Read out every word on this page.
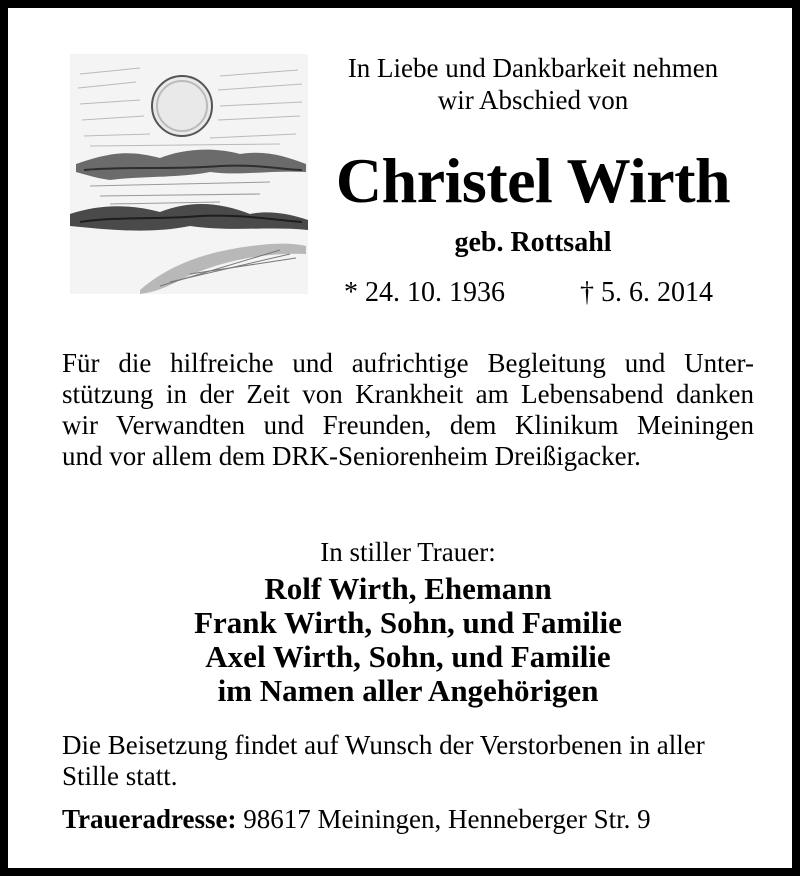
In Liebe und Dankbarkeit nehmen
wir Abschied von
Christel Wirth
geb. Rottsahl
* 24. 10. 1936	† 5. 6. 2014
Für die hilfreiche und aufrichtige Begleitung und Unter-
stützung in der Zeit von Krankheit am Lebensabend danken
wir Verwandten und Freunden, dem Klinikum Meiningen
und vor allem dem DRK-Seniorenheim Dreißigacker.
In stiller Trauer:
Rolf Wirth, Ehemann
Frank Wirth, Sohn, und Familie
Axel Wirth, Sohn, und Familie
im Namen aller Angehörigen
Die Beisetzung findet auf Wunsch der Verstorbenen in aller
Stille statt.
Traueradresse: 98617 Meiningen, Henneberger Str. 9
